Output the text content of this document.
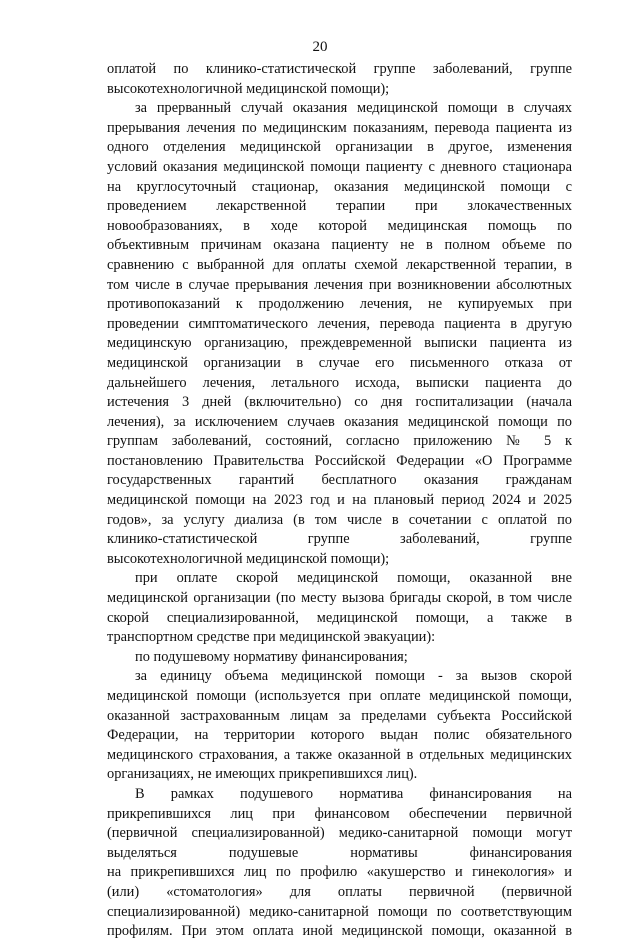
20
оплатой по клинико-статистической группе заболеваний, группе
высокотехнологичной медицинской помощи);
за прерванный случай оказания медицинской помощи в случаях
прерывания лечения по медицинским показаниям, перевода пациента из
одного отделения медицинской организации в другое, изменения
условий оказания медицинской помощи пациенту с дневного стационара
на круглосуточный стационар, оказания медицинской помощи с
проведением лекарственной терапии при злокачественных
новообразованиях, в ходе которой медицинская помощь по
объективным причинам оказана пациенту не в полном объеме по
сравнению с выбранной для оплаты схемой лекарственной терапии, в
том числе в случае прерывания лечения при возникновении абсолютных
противопоказаний к продолжению лечения, не купируемых при
проведении симптоматического лечения, перевода пациента в другую
медицинскую организацию, преждевременной выписки пациента из
медицинской организации в случае его письменного отказа от
дальнейшего лечения, летального исхода, выписки пациента до
истечения 3 дней (включительно) со дня госпитализации (начала
лечения), за исключением случаев оказания медицинской помощи по
группам заболеваний, состояний, согласно приложению № 5 к
постановлению Правительства Российской Федерации «О Программе
государственных гарантий бесплатного оказания гражданам
медицинской помощи на 2023 год и на плановый период 2024 и 2025
годов», за услугу диализа (в том числе в сочетании с оплатой по
клинико-статистической группе заболеваний, группе
высокотехнологичной медицинской помощи);
при оплате скорой медицинской помощи, оказанной вне
медицинской организации (по месту вызова бригады скорой, в том числе
скорой специализированной, медицинской помощи, а также в
транспортном средстве при медицинской эвакуации):
по подушевому нормативу финансирования;
за единицу объема медицинской помощи - за вызов скорой
медицинской помощи (используется при оплате медицинской помощи,
оказанной застрахованным лицам за пределами субъекта Российской
Федерации, на территории которого выдан полис обязательного
медицинского страхования, а также оказанной в отдельных медицинских
организациях, не имеющих прикрепившихся лиц).
В рамках подушевого норматива финансирования на
прикрепившихся лиц при финансовом обеспечении первичной
(первичной специализированной) медико-санитарной помощи могут
выделяться подушевые нормативы финансирования
на прикрепившихся лиц по профилю «акушерство и гинекология» и
(или) «стоматология» для оплаты первичной (первичной
специализированной) медико-санитарной помощи по соответствующим
профилям. При этом оплата иной медицинской помощи, оказанной в
